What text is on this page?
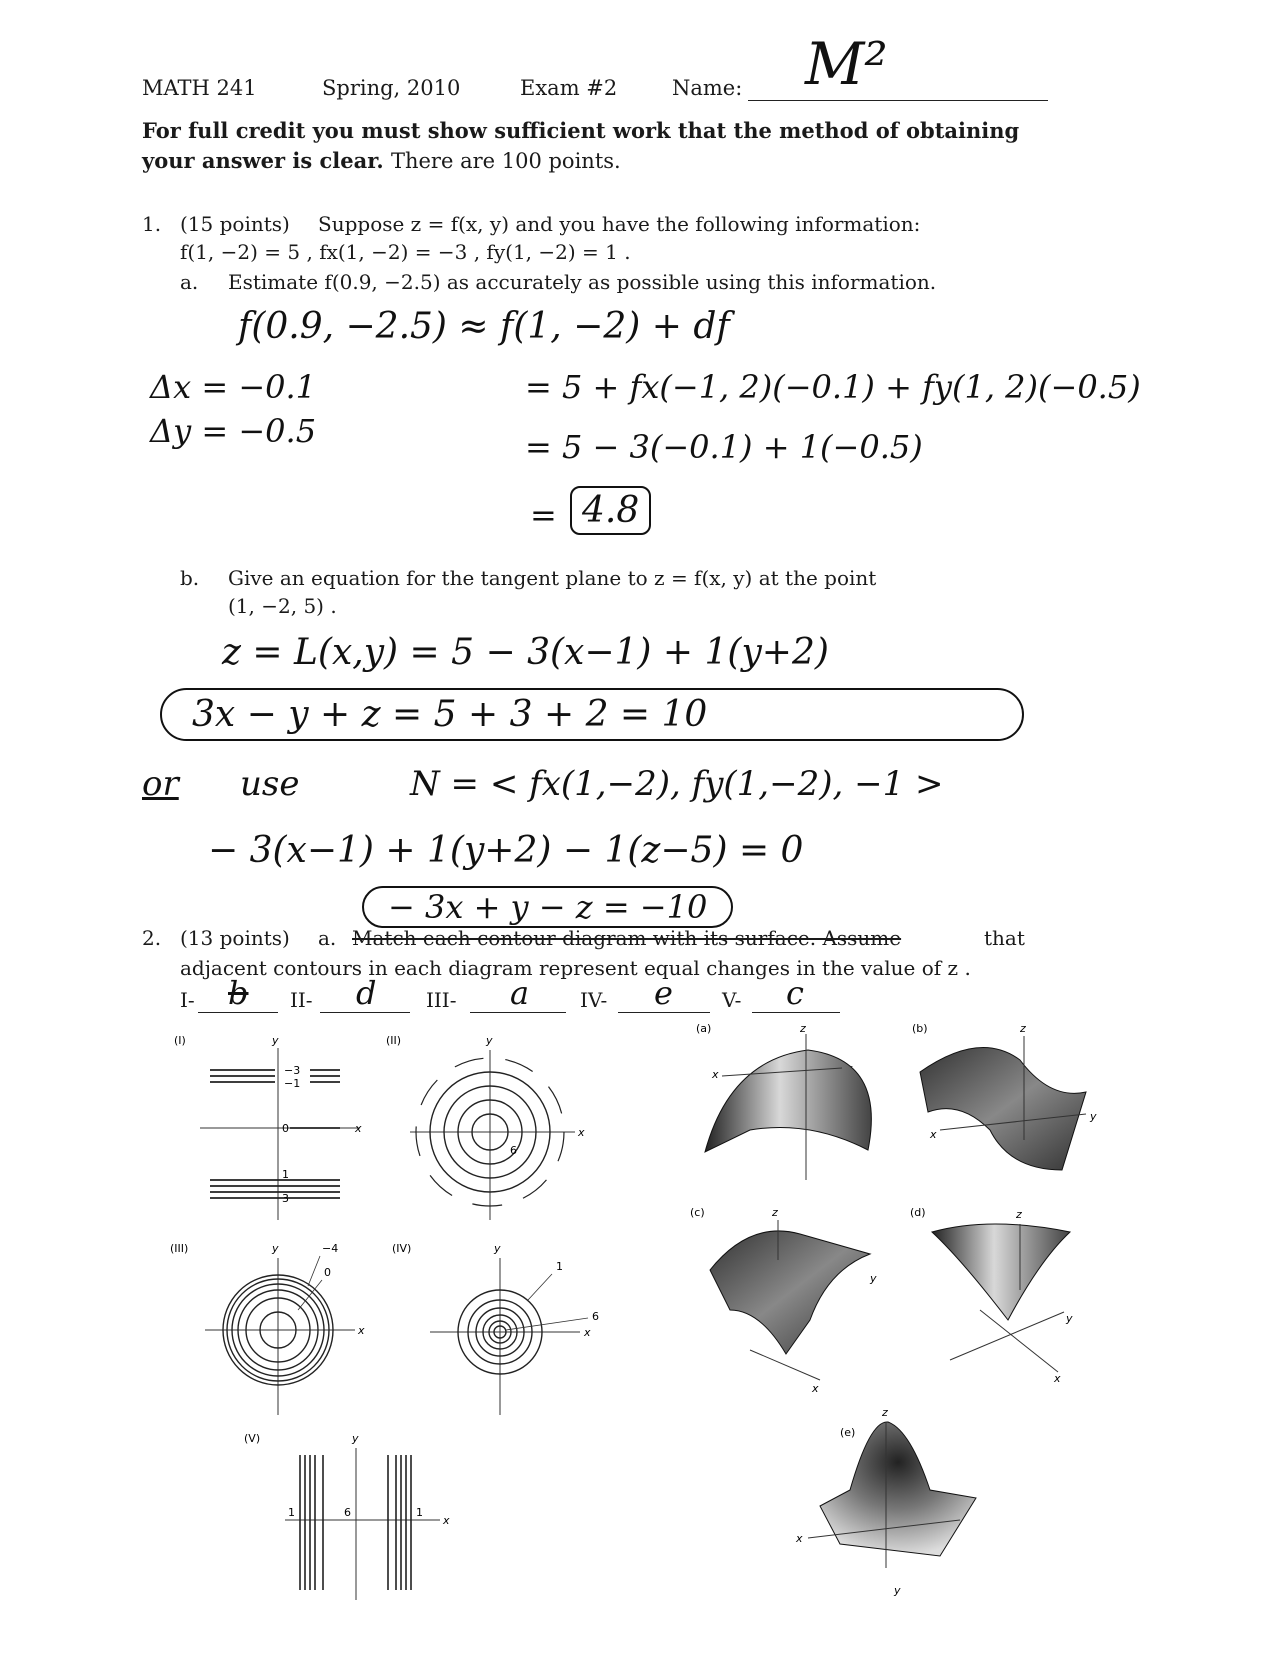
MATH 241	Spring, 2010	Exam #2	Name: M²
For full credit you must show sufficient work that the method of obtaining your answer is clear. There are 100 points.
1. (15 points) Suppose z = f(x, y) and you have the following information:
f(1, −2) = 5 , fx(1, −2) = −3 , fy(1, −2) = 1 .
a. Estimate f(0.9, −2.5) as accurately as possible using this information.
f(0.9, −2.5) ≈ f(1, −2) + df
Δx = −0.1
Δy = −0.5
= 5 + fx(−1, 2)(−0.1) + fy(1, 2)(−0.5)
= 5 − 3(−0.1) + 1(−0.5)
= 4.8
b. Give an equation for the tangent plane to z = f(x, y) at the point
(1, −2, 5) .
z = L(x,y) = 5 − 3(x−1) + 1(y+2)
3x − y + z = 5 + 3 + 2 = 10
or use	N = < fx(1,−2), fy(1,−2), −1 >
− 3(x−1) + 1(y+2) − 1(z−5) = 0
− 3x + y − z = −10
2. (13 points) a. Match each contour diagram with its surface. Assume	that
adjacent contours in each diagram represent equal changes in the value of z .
I- b II- d III- a	IV- e V- c
(I)	y
x
−3
−1
0
1
3
(II)	y
x
6
(III)	y
x
−4
0
(IV)	y
x
1
6
(V)	y
x
1	6	1
(a)	z
x
(b)	z
x
y
(c)	z
y
x
(d)	z
y
x
(e)
z
x
y
